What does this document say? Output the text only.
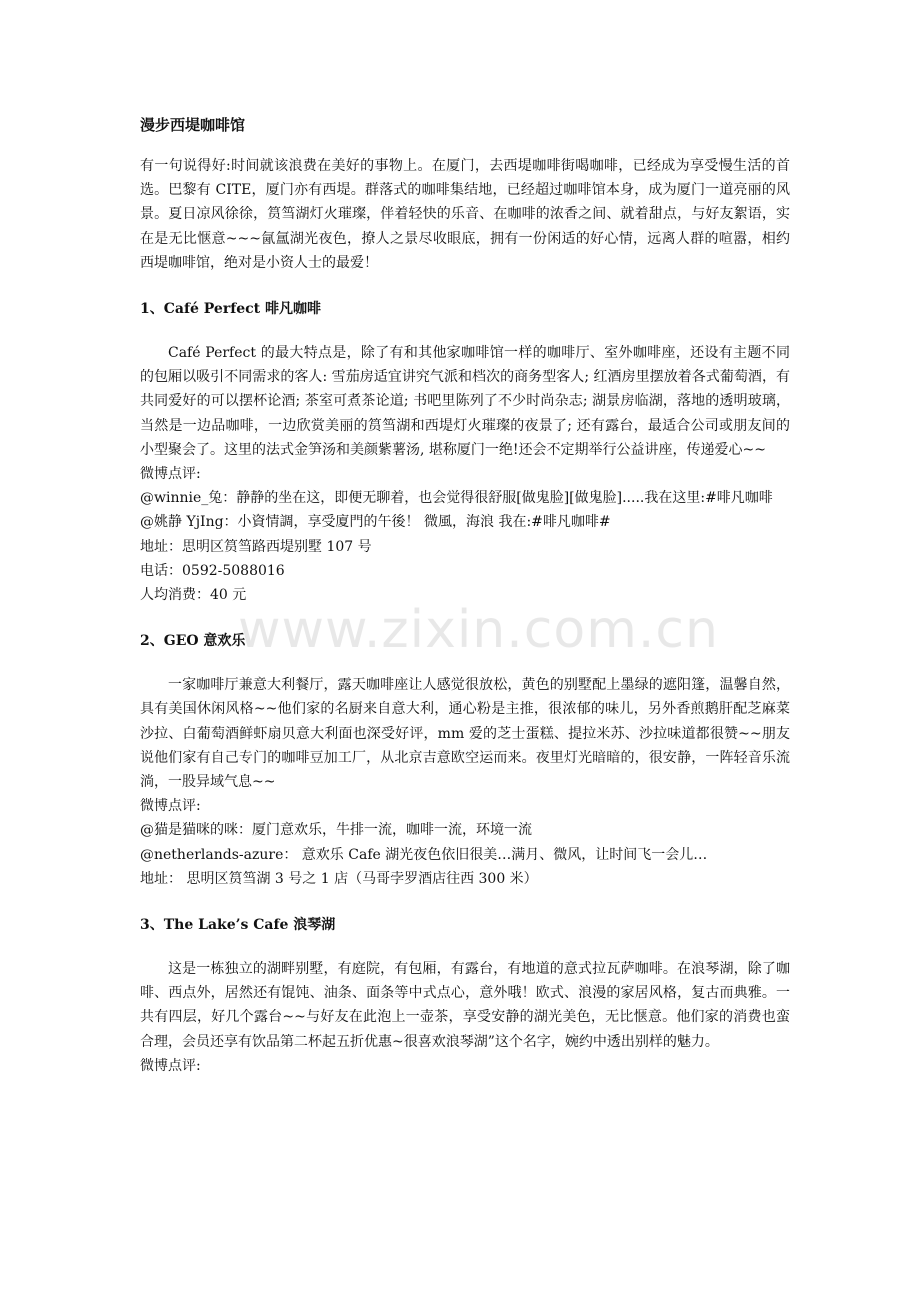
www.zixin.com.cn
漫步西堤咖啡馆

有一句说得好:时间就该浪费在美好的事物上。在厦门，去西堤咖啡街喝咖啡，已经成为享受慢生活的首选。巴黎有 CITE，厦门亦有西堤。群落式的咖啡集结地，已经超过咖啡馆本身，成为厦门一道亮丽的风景。夏日凉风徐徐，筼筜湖灯火璀璨，伴着轻快的乐音、在咖啡的浓香之间、就着甜点，与好友絮语，实在是无比惬意~~~氤氲湖光夜色，撩人之景尽收眼底，拥有一份闲适的好心情，远离人群的喧嚣，相约西堤咖啡馆，绝对是小资人士的最爱！

1、Café Perfect 啡凡咖啡

Café Perfect 的最大特点是，除了有和其他家咖啡馆一样的咖啡厅、室外咖啡座，还设有主题不同的包厢以吸引不同需求的客人: 雪茄房适宜讲究气派和档次的商务型客人; 红酒房里摆放着各式葡萄酒，有共同爱好的可以摆杯论酒; 茶室可煮茶论道; 书吧里陈列了不少时尚杂志; 湖景房临湖，落地的透明玻璃，当然是一边品咖啡，一边欣赏美丽的筼筜湖和西堤灯火璀璨的夜景了; 还有露台，最适合公司或朋友间的小型聚会了。这里的法式金笋汤和美颜紫薯汤, 堪称厦门一绝!还会不定期举行公益讲座，传递爱心~~

微博点评:
@winnie_兔：静静的坐在这，即便无聊着，也会觉得很舒服[做鬼脸][做鬼脸].....我在这里:#啡凡咖啡
@姚静 YjIng：小資情調，享受廈門的午後！ 微風，海浪 我在:#啡凡咖啡#
地址：思明区筼筜路西堤别墅 107 号
电话：0592-5088016
人均消费：40 元
2、GEO 意欢乐

一家咖啡厅兼意大利餐厅，露天咖啡座让人感觉很放松，黄色的别墅配上墨绿的遮阳篷，温馨自然，具有美国休闲风格~~他们家的名厨来自意大利，通心粉是主推，很浓郁的味儿，另外香煎鹅肝配芝麻菜沙拉、白葡萄酒鲜虾扇贝意大利面也深受好评，mm 爱的芝士蛋糕、提拉米苏、沙拉味道都很赞~~朋友说他们家有自己专门的咖啡豆加工厂，从北京吉意欧空运而来。夜里灯光暗暗的，很安静，一阵轻音乐流淌，一股异域气息~~

微博点评:
@猫是猫咪的咪：厦门意欢乐，牛排一流，咖啡一流，环境一流
@netherlands-azure： 意欢乐 Cafe 湖光夜色依旧很美…满月、微风，让时间飞一会儿…
地址： 思明区筼筜湖 3 号之 1 店（马哥孛罗酒店往西 300 米）
3、The Lake’s Cafe 浪琴湖

这是一栋独立的湖畔别墅，有庭院，有包厢，有露台，有地道的意式拉瓦萨咖啡。在浪琴湖，除了咖啡、西点外，居然还有馄饨、油条、面条等中式点心，意外哦！欧式、浪漫的家居风格，复古而典雅。一共有四层，好几个露台~~与好友在此泡上一壶茶，享受安静的湖光美色，无比惬意。他们家的消费也蛮合理，会员还享有饮品第二杯起五折优惠~很喜欢浪琴湖”这个名字，婉约中透出别样的魅力。

微博点评:
